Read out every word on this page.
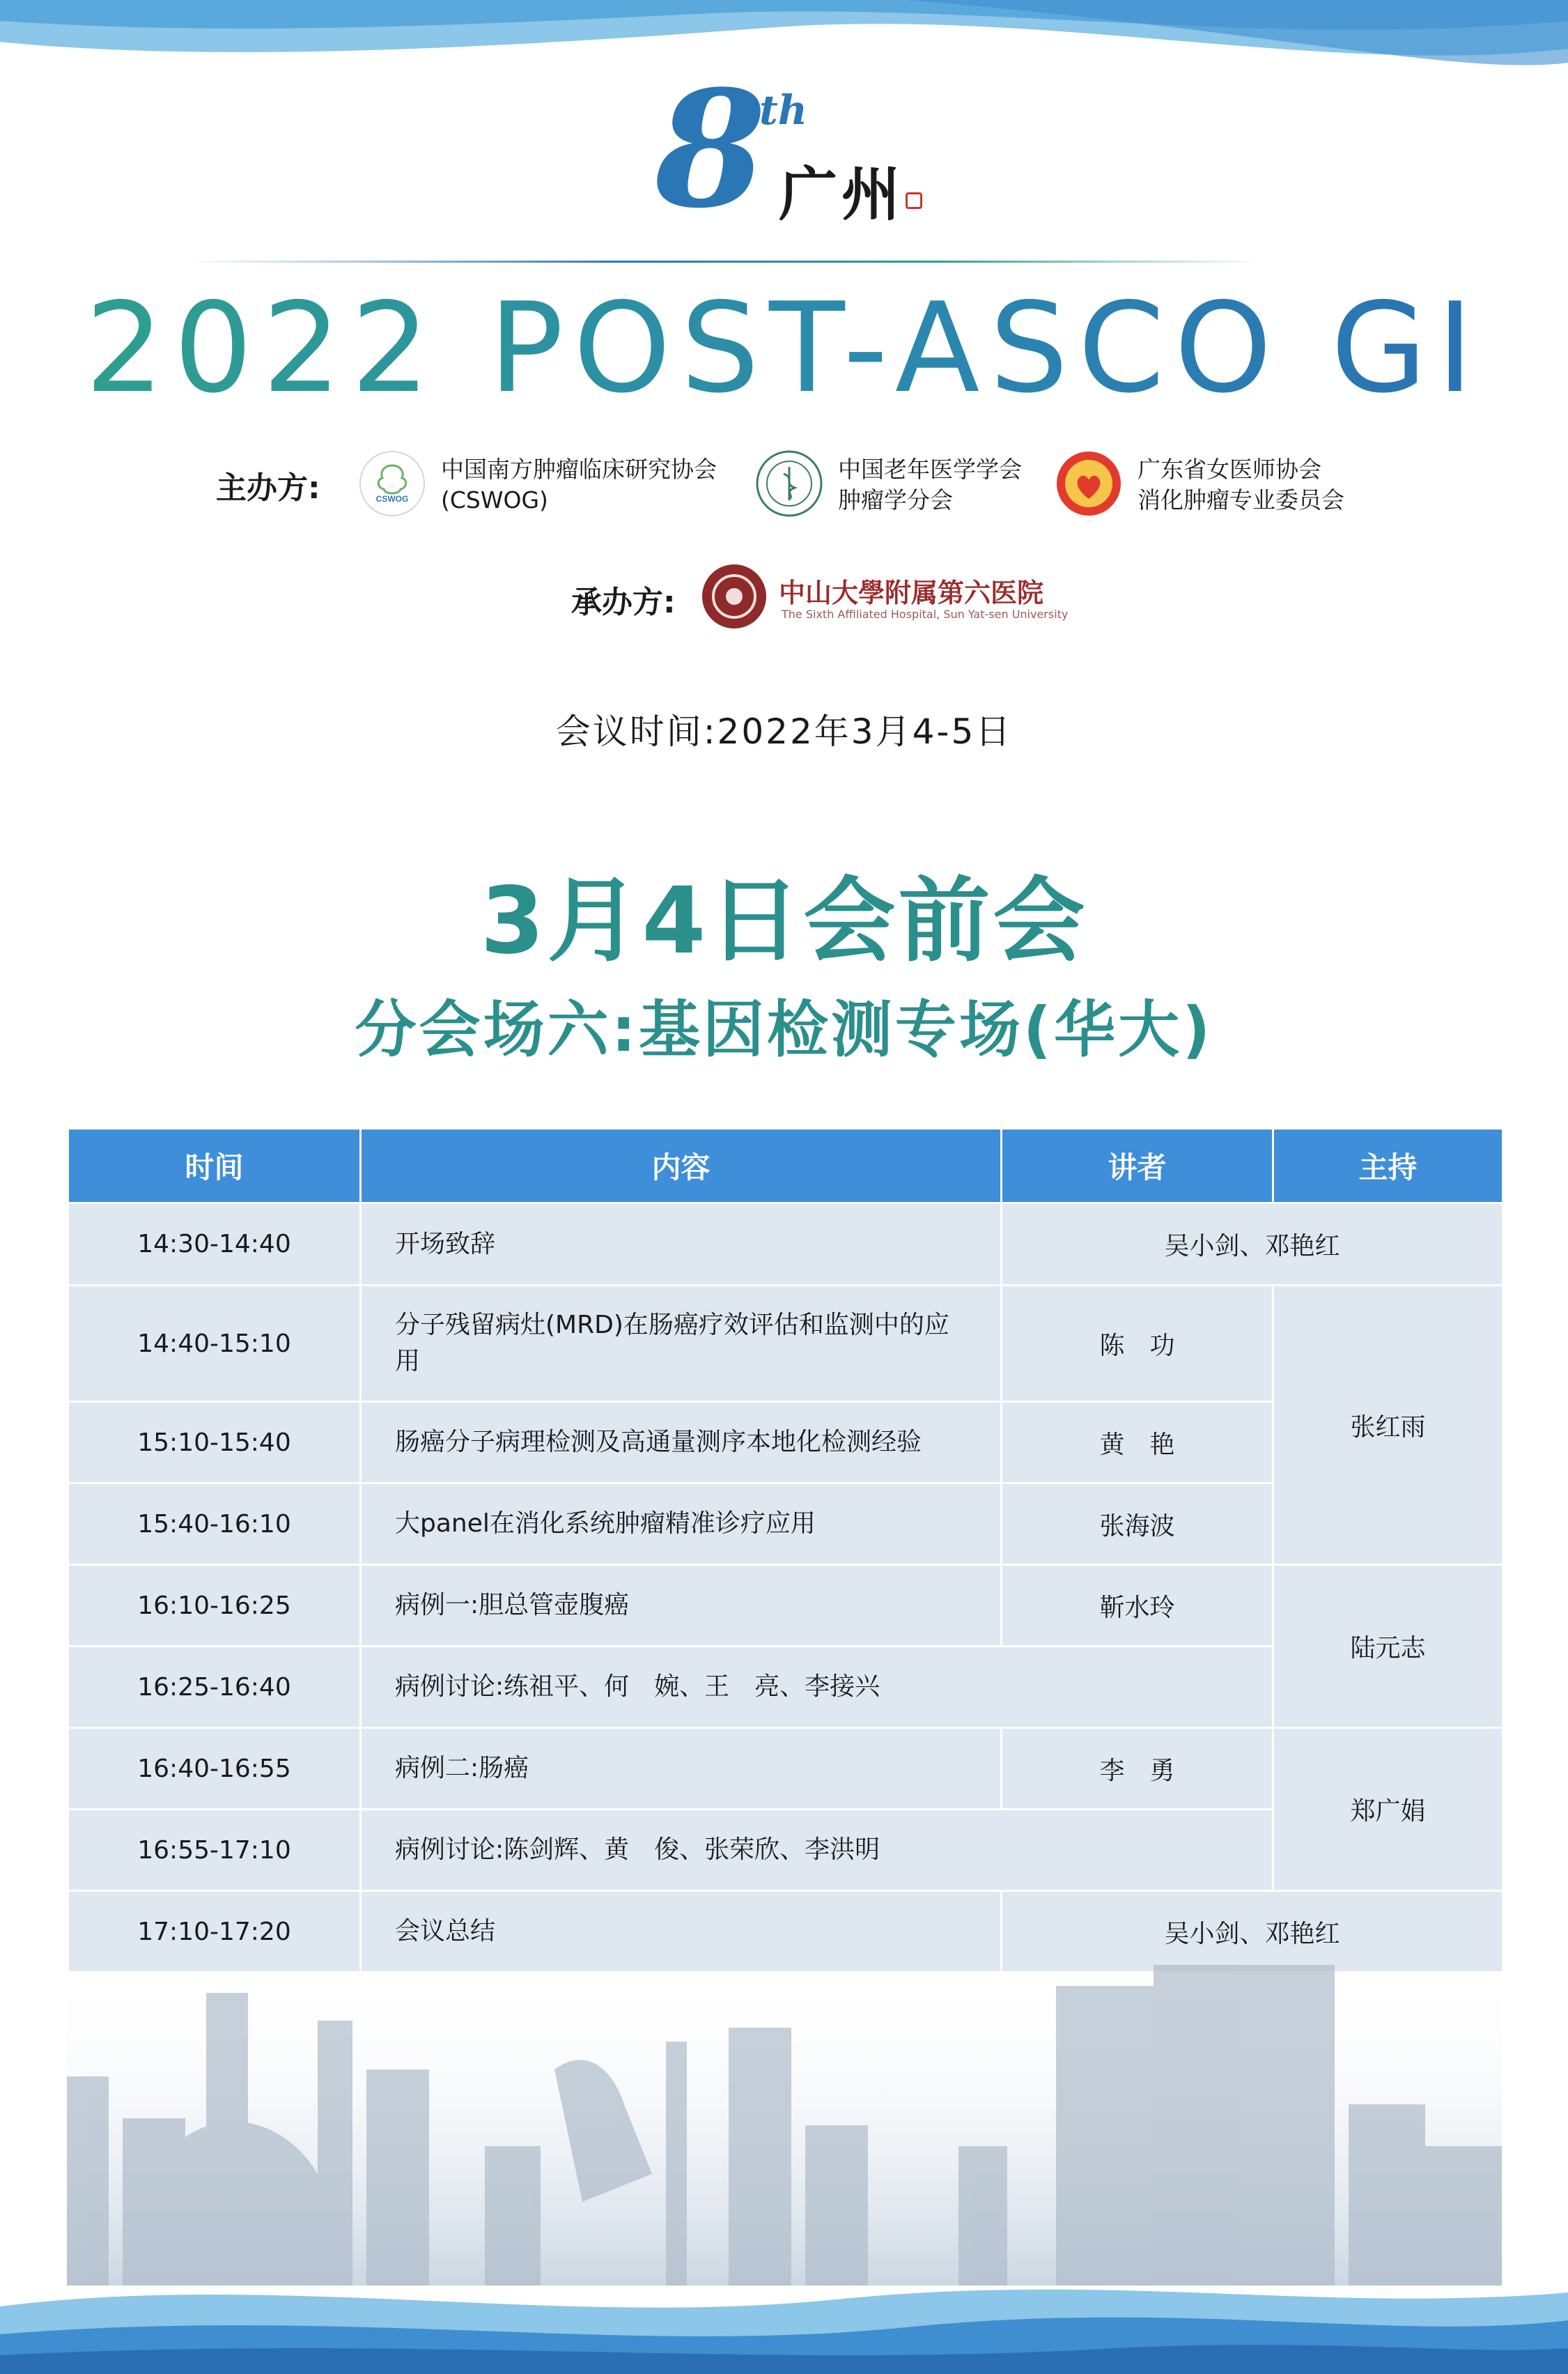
8
th
广州
2022 POST-ASCO GI
主办方:	CSWOG
中国南方肿瘤临床研究协会
(CSWOG)
中国老年医学学会
肿瘤学分会
广东省女医师协会
消化肿瘤专业委员会
承办方:	中山大學附属第六医院
The Sixth Affiliated Hospital, Sun Yat-sen University
会议时间:2022年3月4-5日
3月4日会前会
分会场六:基因检测专场(华大)
时间	内容	讲者	主持
14:30-14:40	开场致辞	吴小剑、邓艳红	
14:40-15:10	分子残留病灶(MRD)在肠癌疗效评估和监测中的应用	陈　功	张红雨
15:10-15:40	肠癌分子病理检测及高通量测序本地化检测经验	黄　艳	
15:40-16:10	大panel在消化系统肿瘤精准诊疗应用	张海波	
16:10-16:25	病例一:胆总管壶腹癌	靳水玲	陆元志
16:25-16:40	病例讨论:练祖平、何　婉、王　亮、李接兴		
16:40-16:55	病例二:肠癌	李　勇	郑广娟
16:55-17:10	病例讨论:陈剑辉、黄　俊、张荣欣、李洪明		
17:10-17:20	会议总结	吴小剑、邓艳红	
